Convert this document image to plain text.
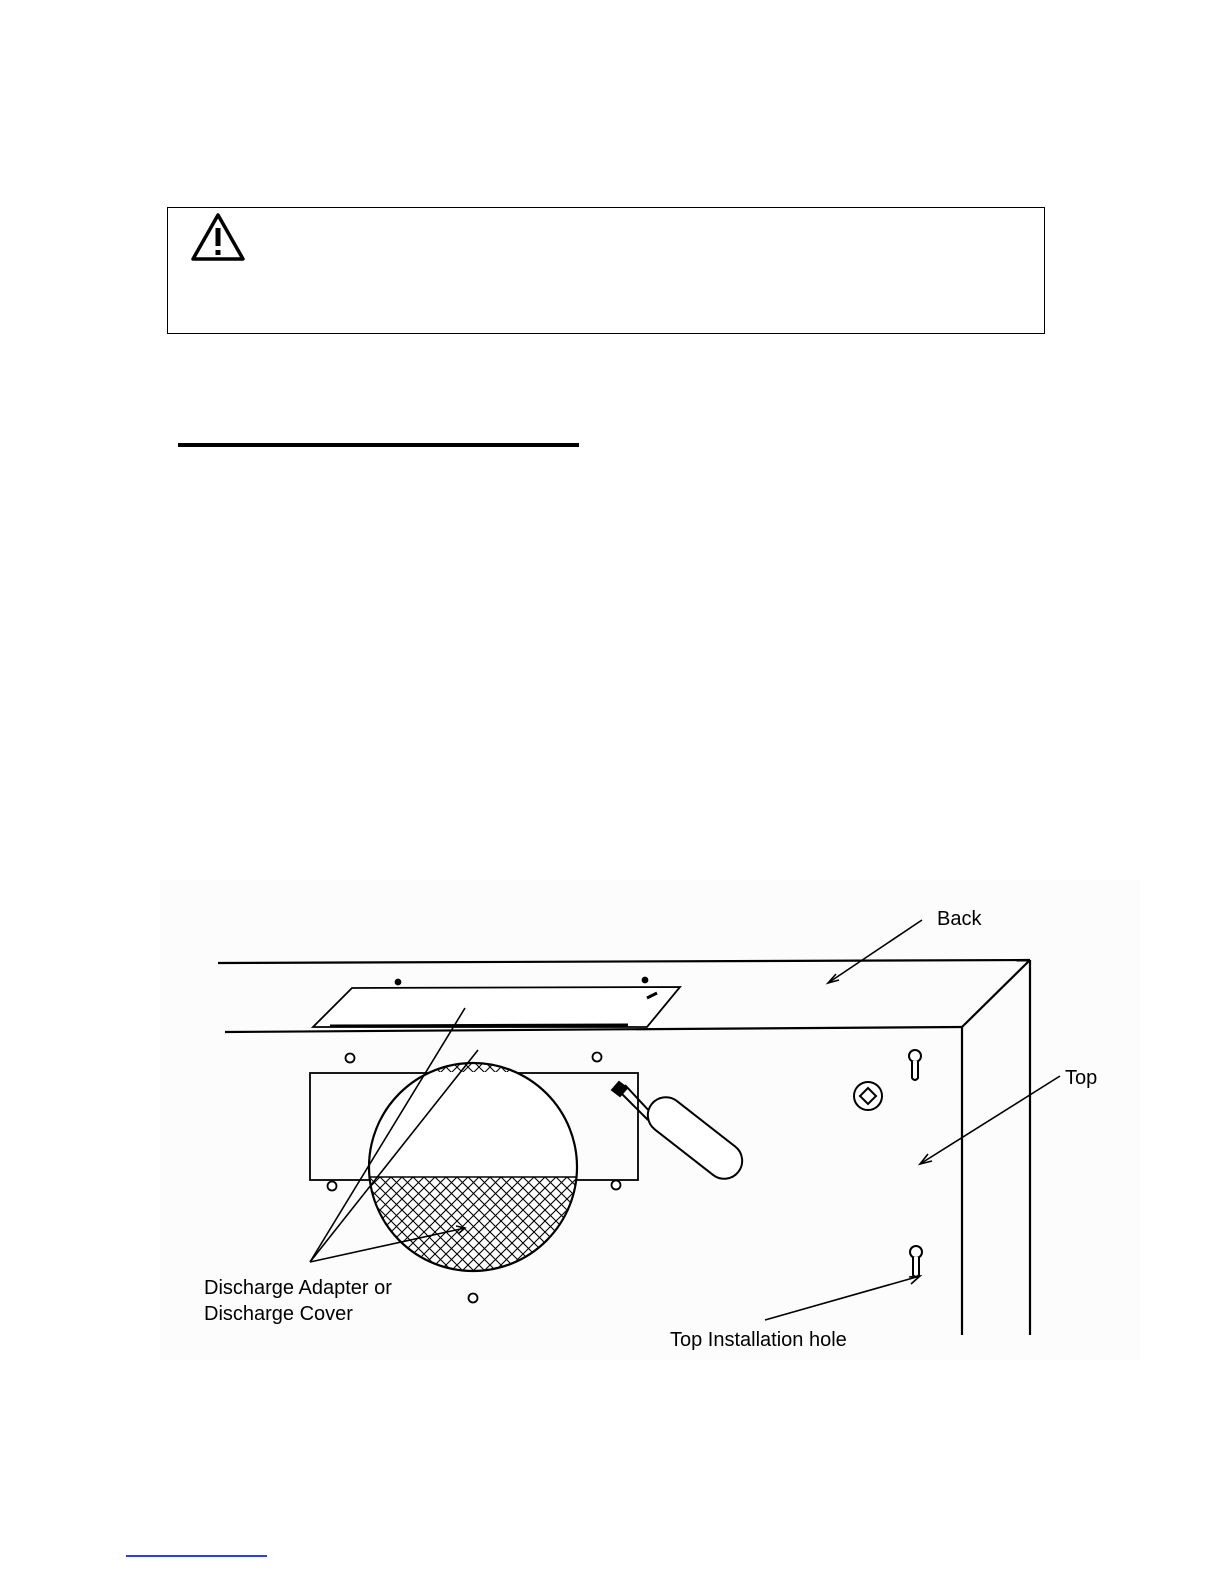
Back
Top
Discharge Adapter or
Discharge Cover
Top Installation hole
